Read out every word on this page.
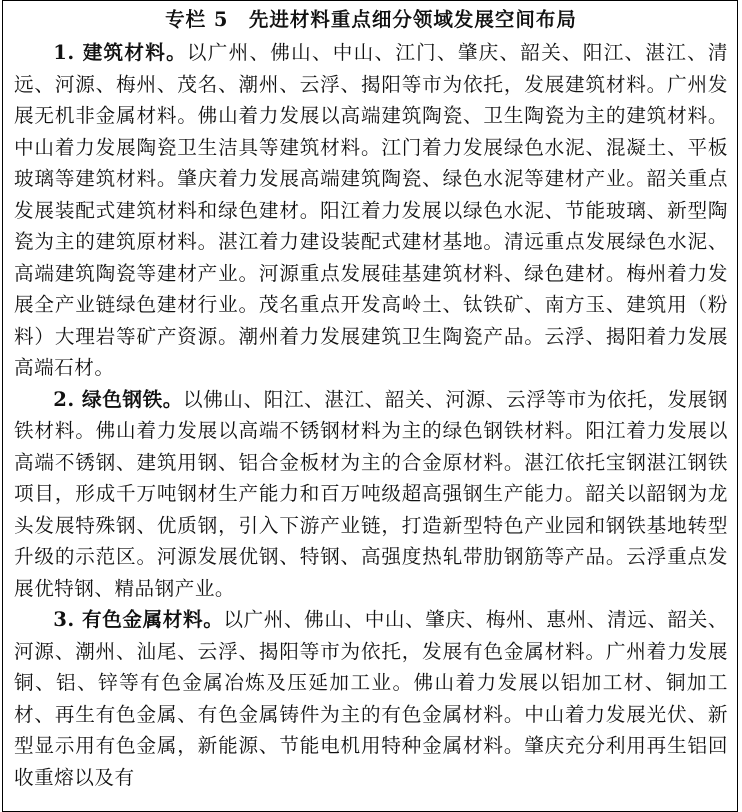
专栏 5　先进材料重点细分领域发展空间布局
1. 建筑材料。以广州、佛山、中山、江门、肇庆、韶关、阳江、湛江、清远、河源、梅州、茂名、潮州、云浮、揭阳等市为依托，发展建筑材料。广州发展无机非金属材料。佛山着力发展以高端建筑陶瓷、卫生陶瓷为主的建筑材料。中山着力发展陶瓷卫生洁具等建筑材料。江门着力发展绿色水泥、混凝土、平板玻璃等建筑材料。肇庆着力发展高端建筑陶瓷、绿色水泥等建材产业。韶关重点发展装配式建筑材料和绿色建材。阳江着力发展以绿色水泥、节能玻璃、新型陶瓷为主的建筑原材料。湛江着力建设装配式建材基地。清远重点发展绿色水泥、高端建筑陶瓷等建材产业。河源重点发展硅基建筑材料、绿色建材。梅州着力发展全产业链绿色建材行业。茂名重点开发高岭土、钛铁矿、南方玉、建筑用（粉料）大理岩等矿产资源。潮州着力发展建筑卫生陶瓷产品。云浮、揭阳着力发展高端石材。
2. 绿色钢铁。以佛山、阳江、湛江、韶关、河源、云浮等市为依托，发展钢铁材料。佛山着力发展以高端不锈钢材料为主的绿色钢铁材料。阳江着力发展以高端不锈钢、建筑用钢、铝合金板材为主的合金原材料。湛江依托宝钢湛江钢铁项目，形成千万吨钢材生产能力和百万吨级超高强钢生产能力。韶关以韶钢为龙头发展特殊钢、优质钢，引入下游产业链，打造新型特色产业园和钢铁基地转型升级的示范区。河源发展优钢、特钢、高强度热轧带肋钢筋等产品。云浮重点发展优特钢、精品钢产业。
3. 有色金属材料。以广州、佛山、中山、肇庆、梅州、惠州、清远、韶关、河源、潮州、汕尾、云浮、揭阳等市为依托，发展有色金属材料。广州着力发展铜、铝、锌等有色金属冶炼及压延加工业。佛山着力发展以铝加工材、铜加工材、再生有色金属、有色金属铸件为主的有色金属材料。中山着力发展光伏、新型显示用有色金属，新能源、节能电机用特种金属材料。肇庆充分利用再生铝回收重熔以及有
